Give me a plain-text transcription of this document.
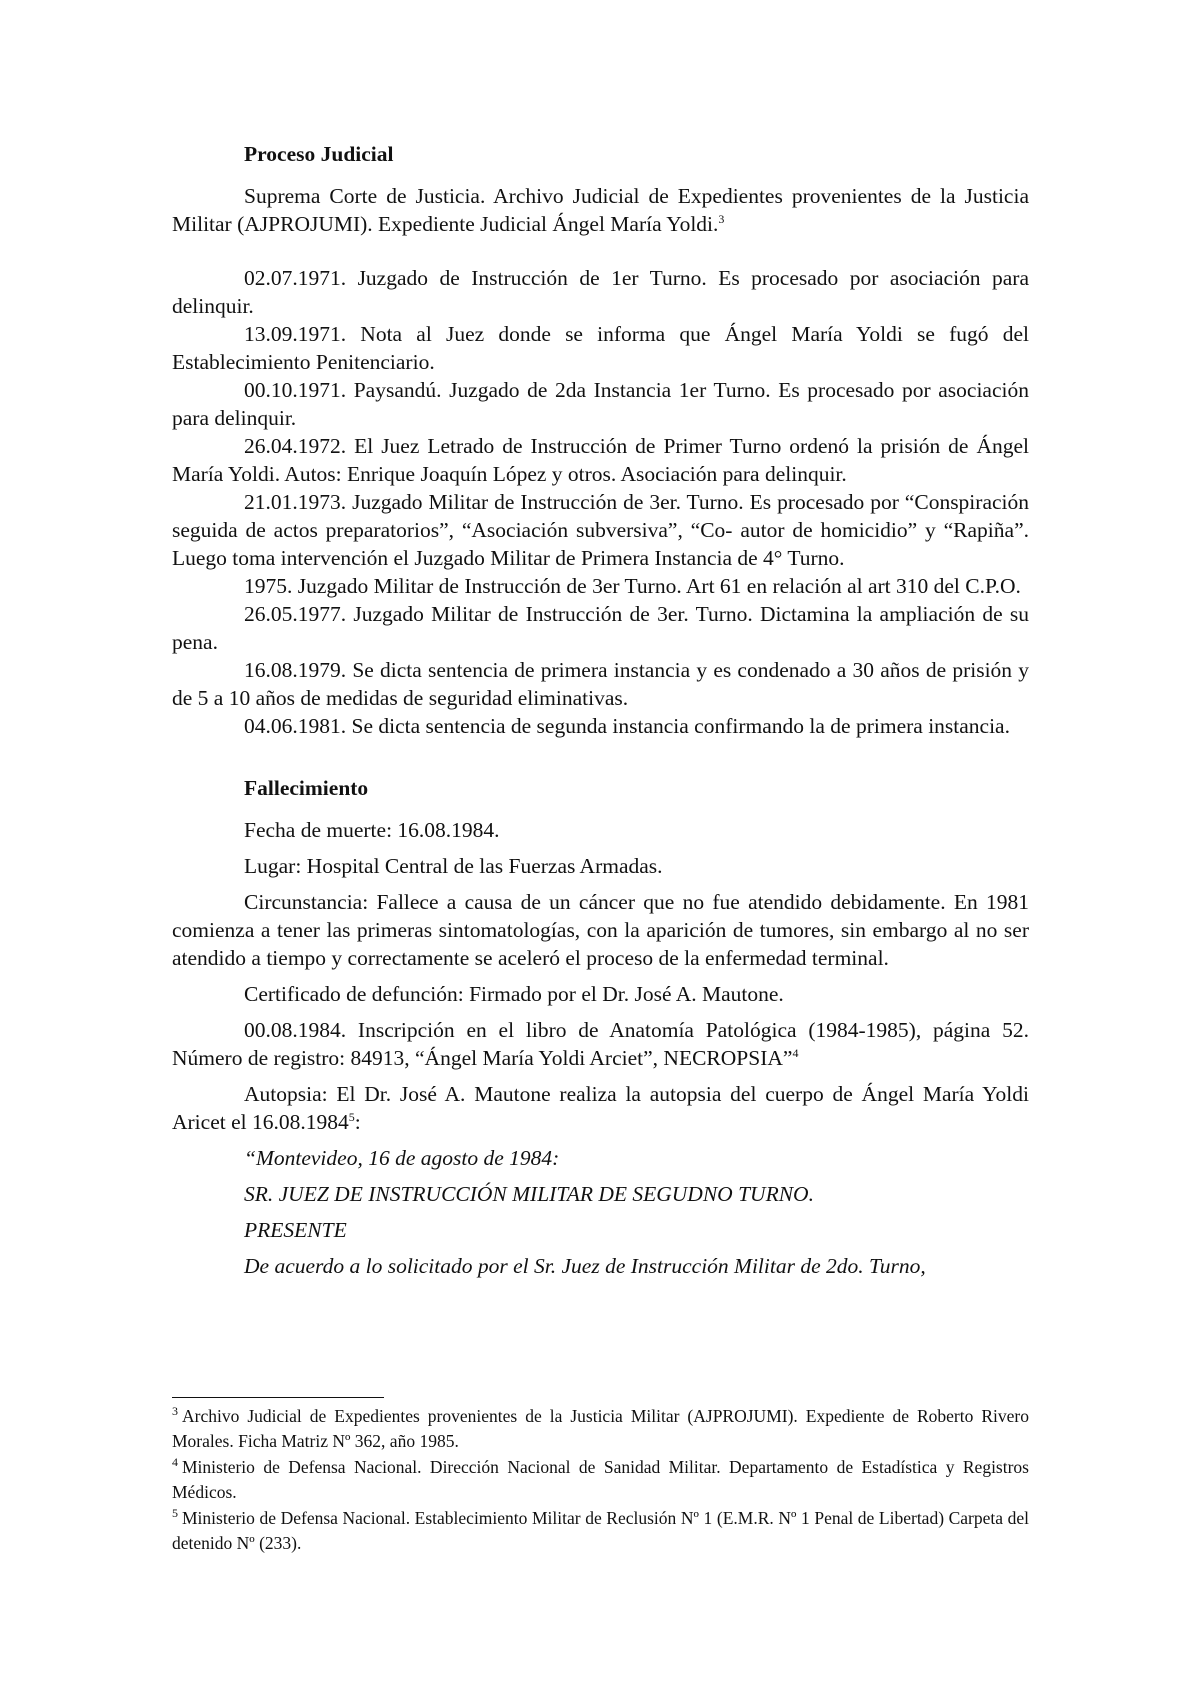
Proceso Judicial

Suprema Corte de Justicia. Archivo Judicial de Expedientes provenientes de la Justicia Militar (AJPROJUMI). Expediente Judicial Ángel María Yoldi.$^3$

02.07.1971. Juzgado de Instrucción de 1er Turno. Es procesado por asociación para delinquir.

13.09.1971. Nota al Juez donde se informa que Ángel María Yoldi se fugó del Establecimiento Penitenciario.

00.10.1971. Paysandú. Juzgado de 2da Instancia 1er Turno. Es procesado por asociación para delinquir.

26.04.1972. El Juez Letrado de Instrucción de Primer Turno ordenó la prisión de Ángel María Yoldi. Autos: Enrique Joaquín López y otros. Asociación para delinquir.

21.01.1973. Juzgado Militar de Instrucción de 3er. Turno. Es procesado por “Conspiración seguida de actos preparatorios”, “Asociación subversiva”, “Co- autor de homicidio” y “Rapiña”. Luego toma intervención el Juzgado Militar de Primera Instancia de 4° Turno.

1975. Juzgado Militar de Instrucción de 3er Turno. Art 61 en relación al art 310 del C.P.O.

26.05.1977. Juzgado Militar de Instrucción de 3er. Turno. Dictamina la ampliación de su pena.

16.08.1979. Se dicta sentencia de primera instancia y es condenado a 30 años de prisión y de 5 a 10 años de medidas de seguridad eliminativas.

04.06.1981. Se dicta sentencia de segunda instancia confirmando la de primera instancia.

Fallecimiento

Fecha de muerte: 16.08.1984.

Lugar: Hospital Central de las Fuerzas Armadas.

Circunstancia: Fallece a causa de un cáncer que no fue atendido debidamente. En 1981 comienza a tener las primeras sintomatologías, con la aparición de tumores, sin embargo al no ser atendido a tiempo y correctamente se aceleró el proceso de la enfermedad terminal.

Certificado de defunción: Firmado por el Dr. José A. Mautone.

00.08.1984. Inscripción en el libro de Anatomía Patológica (1984-1985), página 52. Número de registro: 84913, “Ángel María Yoldi Arciet”, NECROPSIA”$^4$

Autopsia: El Dr. José A. Mautone realiza la autopsia del cuerpo de Ángel María Yoldi Aricet el 16.08.1984$^5$:

“Montevideo, 16 de agosto de 1984:

SR. JUEZ DE INSTRUCCIÓN MILITAR DE SEGUDNO TURNO.

PRESENTE

De acuerdo a lo solicitado por el Sr. Juez de Instrucción Militar de 2do. Turno,

$^3$ Archivo Judicial de Expedientes provenientes de la Justicia Militar (AJPROJUMI). Expediente de Roberto Rivero Morales. Ficha Matriz Nº 362, año 1985.

$^4$ Ministerio de Defensa Nacional. Dirección Nacional de Sanidad Militar. Departamento de Estadística y Registros Médicos.

$^5$ Ministerio de Defensa Nacional. Establecimiento Militar de Reclusión Nº 1 (E.M.R. Nº 1 Penal de Libertad) Carpeta del detenido Nº (233).
